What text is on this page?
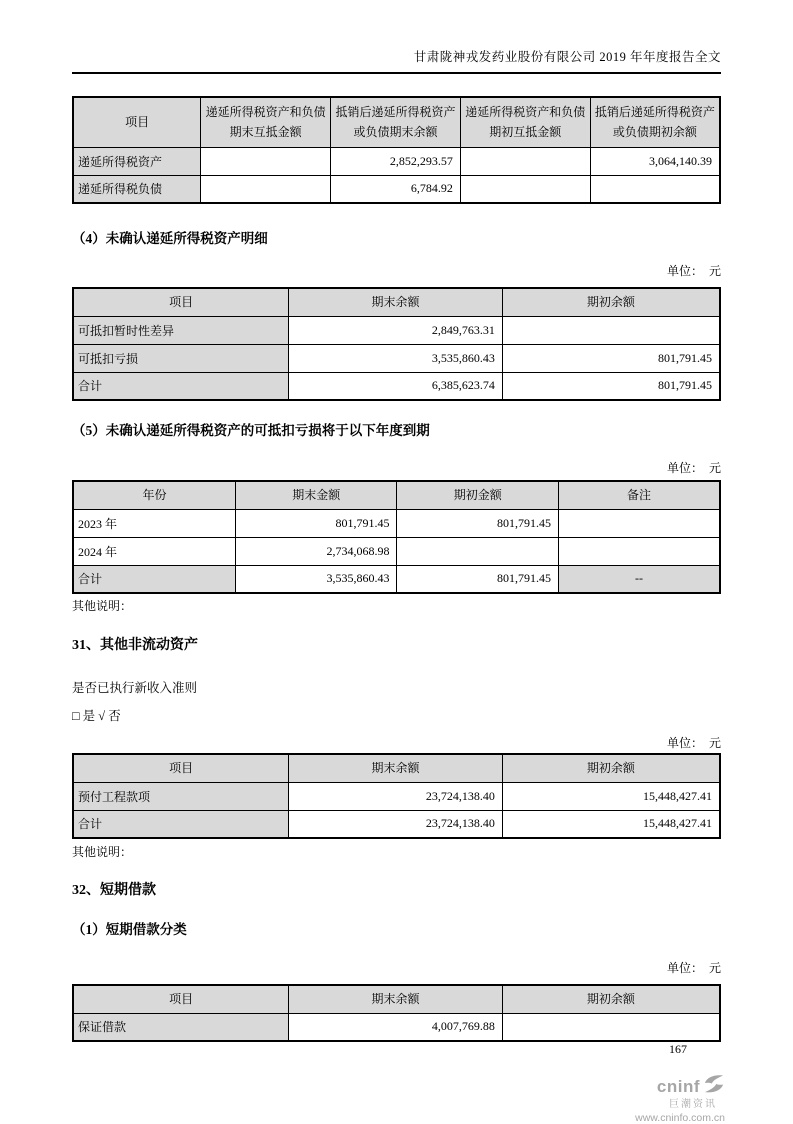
甘肃陇神戎发药业股份有限公司 2019 年年度报告全文
项目	递延所得税资产和负债期末互抵金额	抵销后递延所得税资产或负债期末余额	递延所得税资产和负债期初互抵金额	抵销后递延所得税资产或负债期初余额
递延所得税资产		2,852,293.57		3,064,140.39
递延所得税负债		6,784.92		
（4）未确认递延所得税资产明细
单位：　元
项目	期末余额	期初余额
可抵扣暂时性差异	2,849,763.31	
可抵扣亏损	3,535,860.43	801,791.45
合计	6,385,623.74	801,791.45
（5）未确认递延所得税资产的可抵扣亏损将于以下年度到期
单位：　元
年份	期末金额	期初金额	备注
2023 年	801,791.45	801,791.45	
2024 年	2,734,068.98		
合计	3,535,860.43	801,791.45	--
其他说明：
31、其他非流动资产
是否已执行新收入准则
□ 是 √ 否
单位：　元
项目	期末余额	期初余额
预付工程款项	23,724,138.40	15,448,427.41
合计	23,724,138.40	15,448,427.41
其他说明：
32、短期借款
（1）短期借款分类
单位：　元
项目	期末余额	期初余额
保证借款	4,007,769.88	
167
cninf
巨潮资讯
www.cninfo.com.cn
